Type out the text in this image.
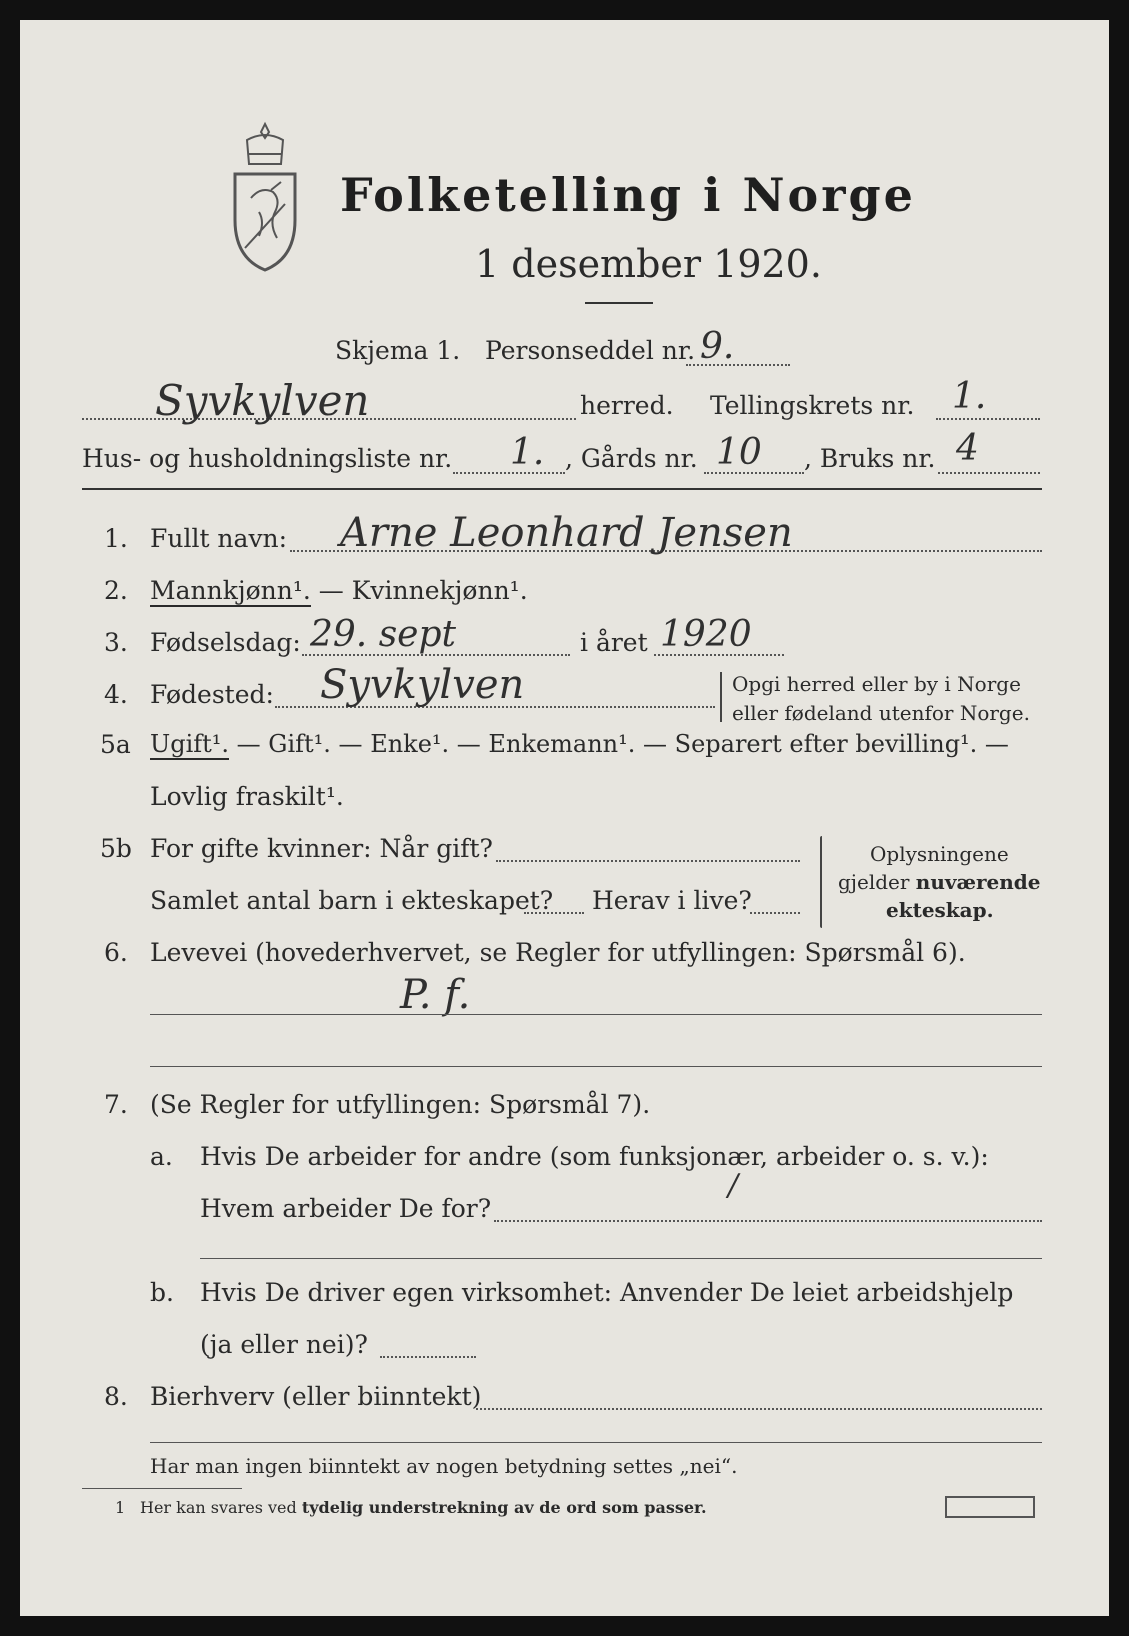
Folketelling i Norge
1 desember 1920.
Skjema 1. Personseddel nr. 9.
Syvkylven	herred. Tellingskrets nr. 1.
Hus- og husholdningsliste nr. 1. , Gårds nr. 10 , Bruks nr. 4
1. Fullt navn: Arne Leonhard Jensen
2. Mannkjønn¹. — Kvinnekjønn¹.
3. Fødselsdag: 29. sept	i året 1920
4. Fødested: Syvkylven	Opgi herred eller by i Norge
eller fødeland utenfor Norge.
5a Ugift¹. — Gift¹. — Enke¹. — Enkemann¹. — Separert efter bevilling¹. —
Lovlig fraskilt¹.
5b For gifte kvinner: Når gift?
Samlet antal barn i ekteskapet? Herav i live?
Oplysningene
gjelder nuværende
ekteskap.
6. Levevei (hovederhvervet, se Regler for utfyllingen: Spørsmål 6).
P. f.
7. (Se Regler for utfyllingen: Spørsmål 7).
a. Hvis De arbeider for andre (som funksjonær, arbeider o. s. v.):
Hvem arbeider De for?
/
b. Hvis De driver egen virksomhet: Anvender De leiet arbeidshjelp
(ja eller nei)?
8. Bierhverv (eller biinntekt)
Har man ingen biinntekt av nogen betydning settes „nei“.
1 Her kan svares ved tydelig understrekning av de ord som passer.
